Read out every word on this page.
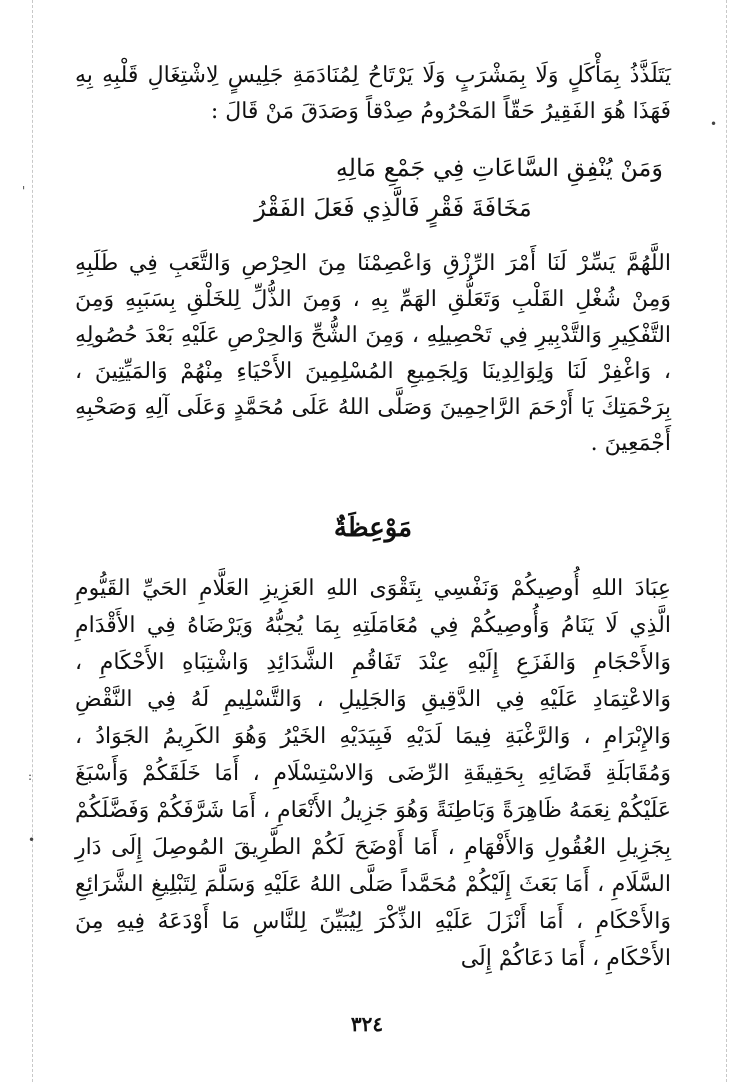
'
:
•
•

يَتَلَذَّذُ بِمَأْكَلٍ وَلَا بِمَشْرَبٍ وَلَا يَرْتَاحُ لِمُنَادَمَةِ جَلِيسٍ لِاشْتِغَالِ قَلْبِهِ بِهِ فَهَذَا هُوَ الفَقِيرُ حَقّاً المَحْرُومُ صِدْقاً وَصَدَقَ مَنْ قَالَ :

وَمَنْ يُنْفِقِ السَّاعَاتِ فِي جَمْعِ مَالِهِ
مَخَافَةَ فَقْرٍ فَالَّذِي فَعَلَ الفَقْرُ

اللَّهُمَّ يَسِّرْ لَنَا أَمْرَ الرِّزْقِ وَاعْصِمْنَا مِنَ الحِرْصِ وَالتَّعَبِ فِي طَلَبِهِ وَمِنْ شُغْلِ القَلْبِ وَتَعَلُّقِ الهَمِّ بِهِ ، وَمِنَ الذُّلِّ لِلخَلْقِ بِسَبَبِهِ وَمِنَ التَّفْكِيرِ وَالتَّدْبِيرِ فِي تَحْصِيلِهِ ، وَمِنَ الشُّحِّ وَالحِرْصِ عَلَيْهِ بَعْدَ حُصُولِهِ ، وَاغْفِرْ لَنَا وَلِوَالِدِينَا وَلِجَمِيعِ المُسْلِمِينَ الأَحْيَاءِ مِنْهُمْ وَالمَيِّتِينَ ، بِرَحْمَتِكَ يَا أَرْحَمَ الرَّاحِمِينَ وَصَلَّى اللهُ عَلَى مُحَمَّدٍ وَعَلَى آلِهِ وَصَحْبِهِ أَجْمَعِينَ .

مَوْعِظَةٌ

عِبَادَ اللهِ أُوصِيكُمْ وَنَفْسِي بِتَقْوَى اللهِ العَزِيزِ العَلَّامِ الحَيِّ القَيُّومِ الَّذِي لَا يَنَامُ وَأُوصِيكُمْ فِي مُعَامَلَتِهِ بِمَا يُحِبُّهُ وَيَرْضَاهُ فِي الأَقْدَامِ وَالأَحْجَامِ وَالفَزَعِ إِلَيْهِ عِنْدَ تَفَاقُمِ الشَّدَائِدِ وَاشْتِبَاهِ الأَحْكَامِ ، وَالاعْتِمَادِ عَلَيْهِ فِي الدَّقِيقِ وَالجَلِيلِ ، وَالتَّسْلِيمِ لَهُ فِي النَّقْضِ وَالإِبْرَامِ ، وَالرَّغْبَةِ فِيمَا لَدَيْهِ فَبِيَدَيْهِ الخَيْرُ وَهُوَ الكَرِيمُ الجَوَادُ ، وَمُقَابَلَةِ قَضَائِهِ بِحَقِيقَةِ الرِّضَى وَالاسْتِسْلَامِ ، أَمَا خَلَقَكُمْ وَأَسْبَغَ عَلَيْكُمْ نِعَمَهُ ظَاهِرَةً وَبَاطِنَةً وَهُوَ جَزِيلُ الأَنْعَامِ ، أَمَا شَرَّفَكُمْ وَفَضَّلَكُمْ بِجَزِيلِ العُقُولِ وَالأَفْهَامِ ، أَمَا أَوْضَحَ لَكُمْ الطَّرِيقَ المُوصِلَ إِلَى دَارِ السَّلَامِ ، أَمَا بَعَثَ إِلَيْكُمْ مُحَمَّداً صَلَّى اللهُ عَلَيْهِ وَسَلَّمَ لِتَبْلِيغِ الشَّرَائِعِ وَالأَحْكَامِ ، أَمَا أَنْزَلَ عَلَيْهِ الذِّكْرَ لِيُبَيِّنَ لِلنَّاسِ مَا أَوْدَعَهُ فِيهِ مِنَ الأَحْكَامِ ، أَمَا دَعَاكُمْ إِلَى

٣٢٤
